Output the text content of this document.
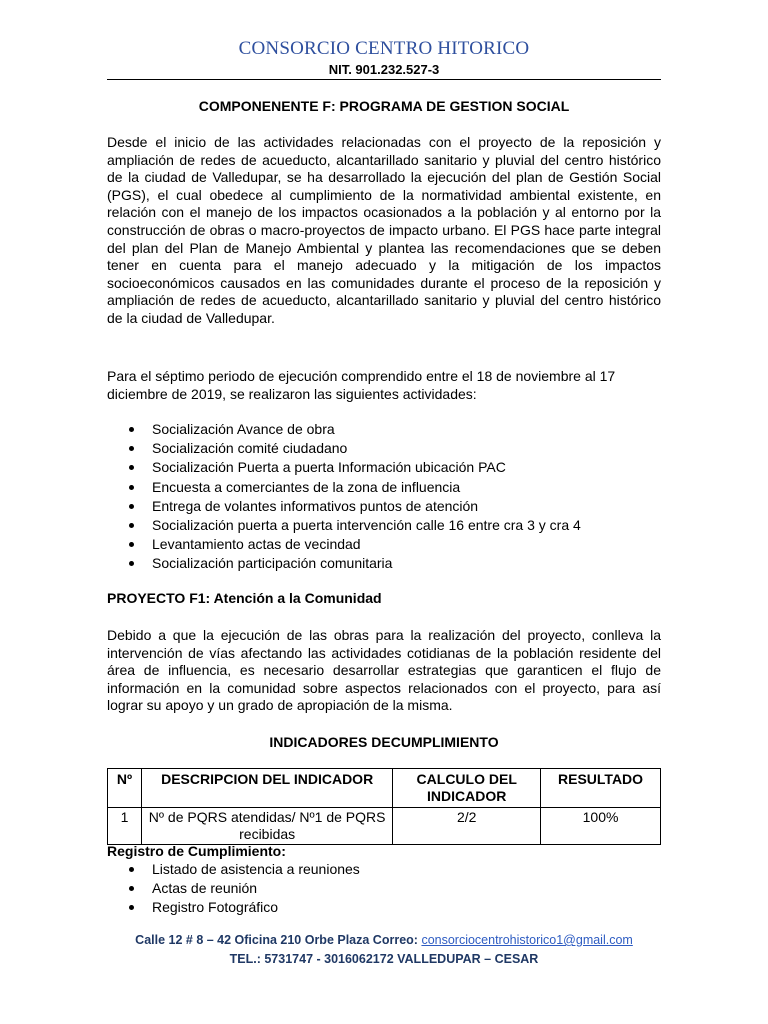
CONSORCIO CENTRO HITORICO
NIT. 901.232.527-3
COMPONENENTE F: PROGRAMA DE GESTION SOCIAL
Desde el inicio de las actividades relacionadas con el proyecto de la reposición y ampliación de redes de acueducto, alcantarillado sanitario y pluvial del centro histórico de la ciudad de Valledupar, se ha desarrollado la ejecución del plan de Gestión Social (PGS), el cual obedece al cumplimiento de la normatividad ambiental existente, en relación con el manejo de los impactos ocasionados a la población y al entorno por la construcción de obras o macro-proyectos de impacto urbano. El PGS hace parte integral del plan del Plan de Manejo Ambiental y plantea las recomendaciones que se deben tener en cuenta para el manejo adecuado y la mitigación de los impactos socioeconómicos causados en las comunidades durante el proceso de la reposición y ampliación de redes de acueducto, alcantarillado sanitario y pluvial del centro histórico de la ciudad de Valledupar.
Para el séptimo periodo de ejecución comprendido entre el 18 de noviembre al 17 diciembre de 2019, se realizaron las siguientes actividades:
Socialización Avance de obra
Socialización comité ciudadano
Socialización Puerta a puerta Información ubicación PAC
Encuesta a comerciantes de la zona de influencia
Entrega de volantes informativos puntos de atención
Socialización puerta a puerta intervención calle 16 entre cra 3 y cra 4
Levantamiento actas de vecindad
Socialización participación comunitaria
PROYECTO F1: Atención a la Comunidad
Debido a que la ejecución de las obras para la realización del proyecto, conlleva la intervención de vías afectando las actividades cotidianas de la población residente del área de influencia, es necesario desarrollar estrategias que garanticen el flujo de información en la comunidad sobre aspectos relacionados con el proyecto, para así lograr su apoyo y un grado de apropiación de la misma.
INDICADORES DECUMPLIMIENTO
Nº	DESCRIPCION DEL INDICADOR	CALCULO DEL INDICADOR	RESULTADO
1	Nº de PQRS atendidas/ Nº1 de PQRS recibidas	2/2	100%
Registro de Cumplimiento:
Listado de asistencia a reuniones
Actas de reunión
Registro Fotográfico
Calle 12 # 8 – 42 Oficina 210 Orbe Plaza Correo: consorciocentrohistorico1@gmail.com
TEL.: 5731747 - 3016062172 VALLEDUPAR – CESAR
